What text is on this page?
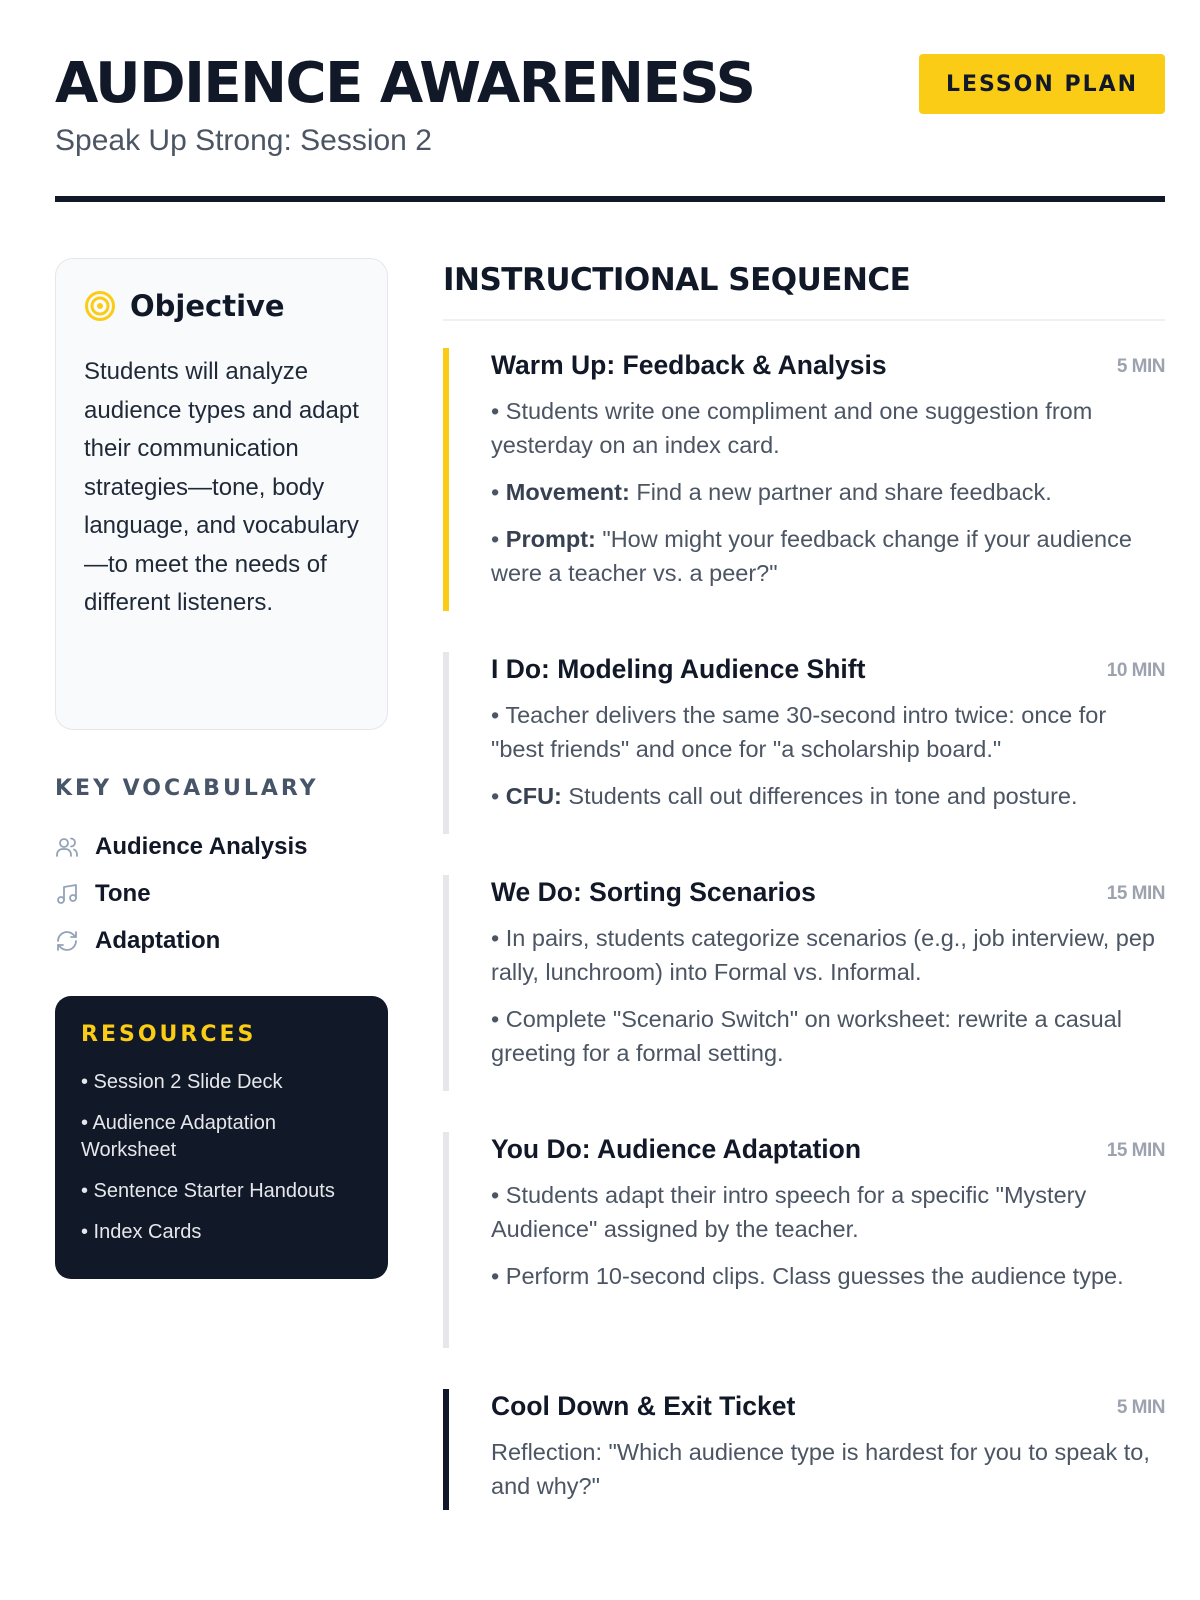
AUDIENCE AWARENESS
Speak Up Strong: Session 2
LESSON PLAN
Objective

Students will analyze audience types and adapt their communication strategies—tone, body language, and vocabulary—to meet the needs of different listeners.

KEY VOCABULARY
Audience Analysis
Tone
Adaptation
RESOURCES
• Session 2 Slide Deck
• Audience Adaptation Worksheet
• Sentence Starter Handouts
• Index Cards
INSTRUCTIONAL SEQUENCE
Warm Up: Feedback & Analysis	5 MIN
• Students write one compliment and one suggestion from yesterday on an index card.
• Movement: Find a new partner and share feedback.
• Prompt: "How might your feedback change if your audience were a teacher vs. a peer?"
I Do: Modeling Audience Shift	10 MIN
• Teacher delivers the same 30-second intro twice: once for "best friends" and once for "a scholarship board."
• CFU: Students call out differences in tone and posture.
We Do: Sorting Scenarios	15 MIN
• In pairs, students categorize scenarios (e.g., job interview, pep rally, lunchroom) into Formal vs. Informal.
• Complete "Scenario Switch" on worksheet: rewrite a casual greeting for a formal setting.
You Do: Audience Adaptation	15 MIN
• Students adapt their intro speech for a specific "Mystery Audience" assigned by the teacher.
• Perform 10-second clips. Class guesses the audience type.
Cool Down & Exit Ticket	5 MIN
Reflection: "Which audience type is hardest for you to speak to, and why?"
